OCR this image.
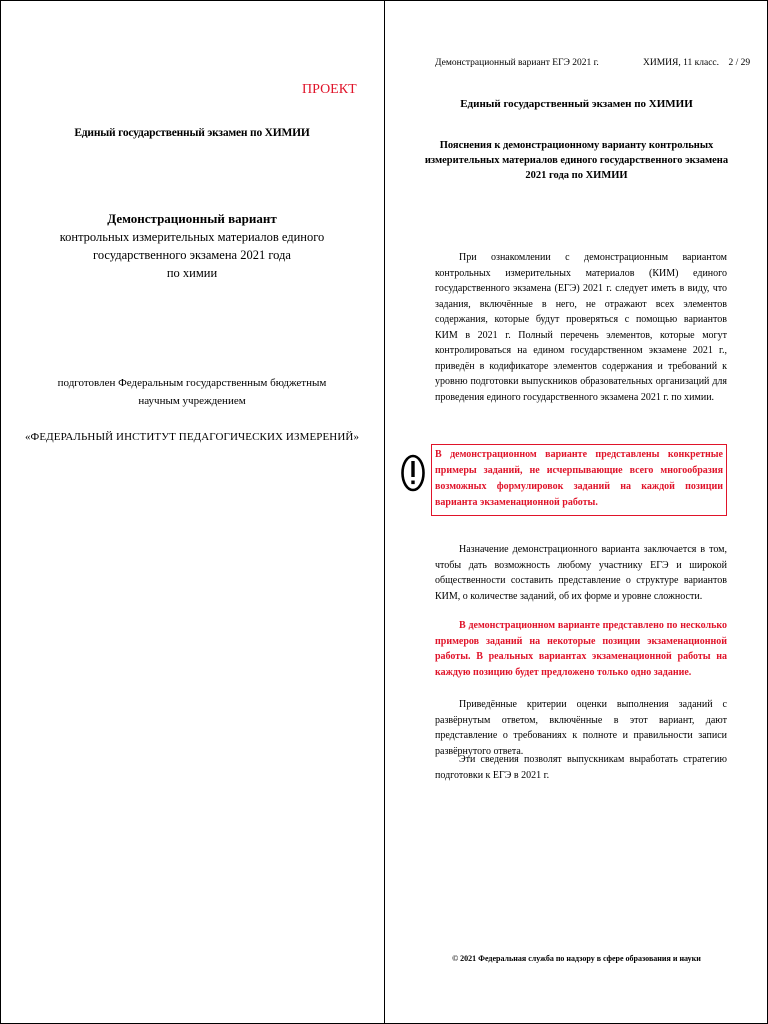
ПРОЕКТ
Единый государственный экзамен по ХИМИИ
Демонстрационный вариант
контрольных измерительных материалов единого
государственного экзамена 2021 года
по химии
подготовлен Федеральным государственным бюджетным
научным учреждением
«ФЕДЕРАЛЬНЫЙ ИНСТИТУТ ПЕДАГОГИЧЕСКИХ ИЗМЕРЕНИЙ»
Демонстрационный вариант ЕГЭ 2021 г.	ХИМИЯ, 11 класс.    2 / 29
Единый государственный экзамен по ХИМИИ
Пояснения к демонстрационному варианту контрольных
измерительных материалов единого государственного экзамена
2021 года по ХИМИИ
При ознакомлении с демонстрационным вариантом контрольных измерительных материалов (КИМ) единого государственного экзамена (ЕГЭ) 2021 г. следует иметь в виду, что задания, включённые в него, не отражают всех элементов содержания, которые будут проверяться с помощью вариантов КИМ в 2021 г. Полный перечень элементов, которые могут контролироваться на едином государственном экзамене 2021 г., приведён в кодификаторе элементов содержания и требований к уровню подготовки выпускников образовательных организаций для проведения единого государственного экзамена 2021 г. по химии.
В демонстрационном варианте представлены конкретные примеры заданий, не исчерпывающие всего многообразия возможных формулировок заданий на каждой позиции варианта экзаменационной работы.
Назначение демонстрационного варианта заключается в том, чтобы дать возможность любому участнику ЕГЭ и широкой общественности составить представление о структуре вариантов КИМ, о количестве заданий, об их форме и уровне сложности.
В демонстрационном варианте представлено по несколько примеров заданий на некоторые позиции экзаменационной работы. В реальных вариантах экзаменационной работы на каждую позицию будет предложено только одно задание.
Приведённые критерии оценки выполнения заданий с развёрнутым ответом, включённые в этот вариант, дают представление о требованиях к полноте и правильности записи развёрнутого ответа.
Эти сведения позволят выпускникам выработать стратегию подготовки к ЕГЭ в 2021 г.
© 2021 Федеральная служба по надзору в сфере образования и науки
